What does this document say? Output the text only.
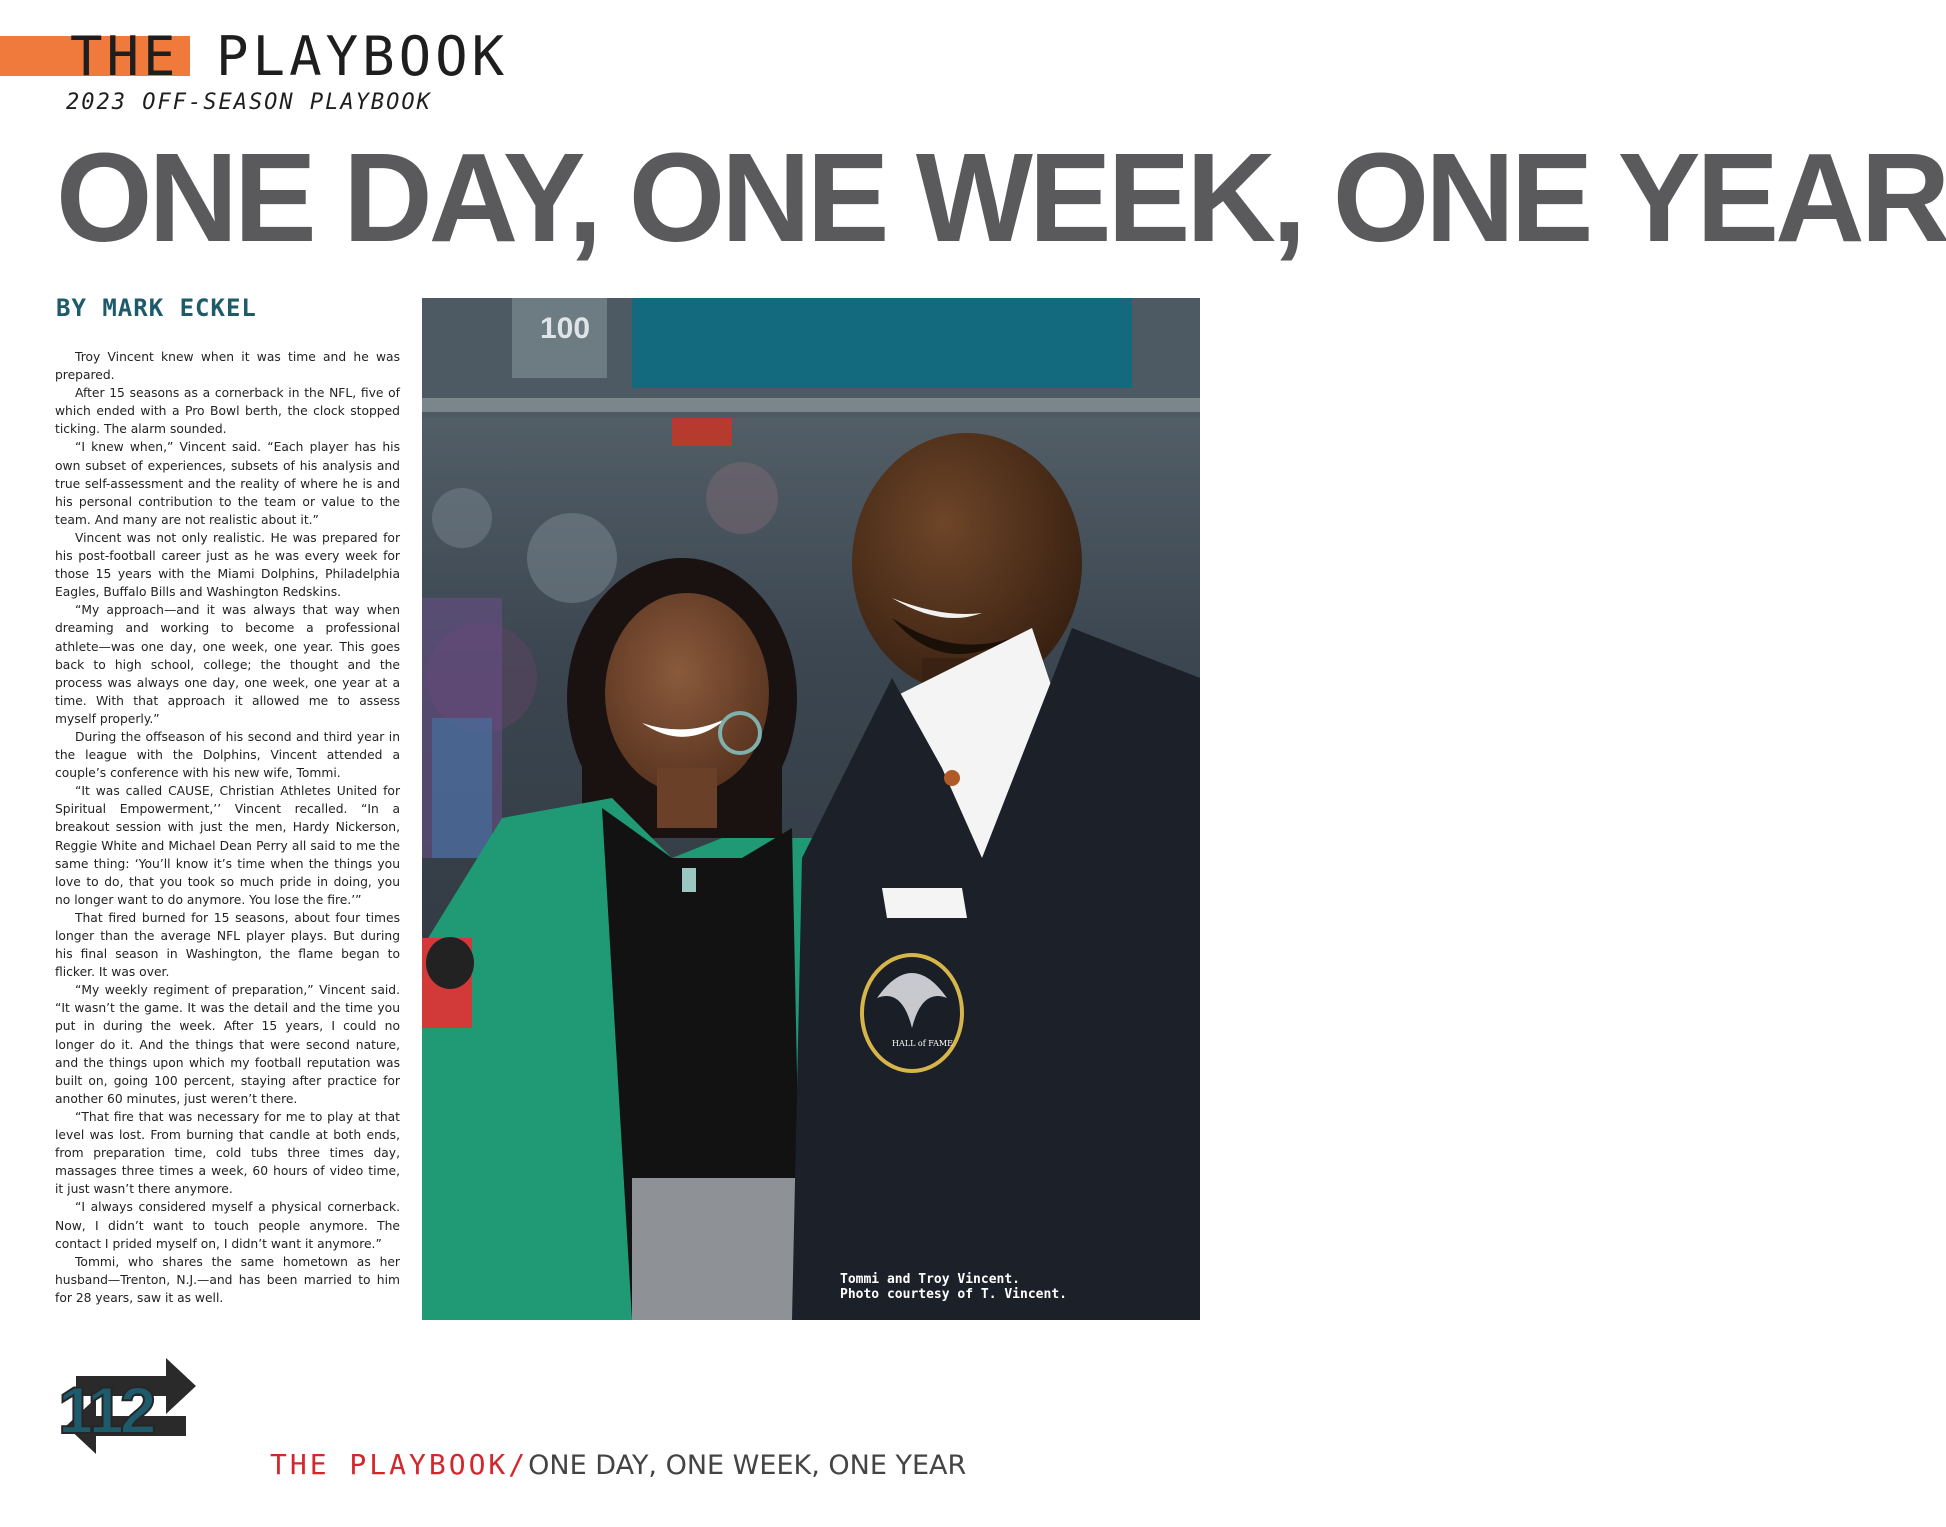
THE PLAYBOOK
2023 OFF-SEASON PLAYBOOK
ONE DAY, ONE WEEK, ONE YEAR
BY MARK ECKEL

Troy Vincent knew when it was time and he was prepared.

After 15 seasons as a cornerback in the NFL, five of which ended with a Pro Bowl berth, the clock stopped ticking. The alarm sounded.

“I knew when,” Vincent said. “Each player has his own subset of experiences, subsets of his analysis and true self-assessment and the reality of where he is and his personal contribution to the team or value to the team. And many are not realistic about it.”

Vincent was not only realistic. He was prepared for his post-football career just as he was every week for those 15 years with the Miami Dolphins, Philadelphia Eagles, Buffalo Bills and Washington Redskins.

“My approach—and it was always that way when dreaming and working to become a professional athlete—was one day, one week, one year. This goes back to high school, college; the thought and the process was always one day, one week, one year at a time. With that approach it allowed me to assess myself properly.”

During the offseason of his second and third year in the league with the Dolphins, Vincent attended a couple’s conference with his new wife, Tommi.

“It was called CAUSE, Christian Athletes United for Spiritual Empowerment,’’ Vincent recalled. “In a breakout session with just the men, Hardy Nickerson, Reggie White and Michael Dean Perry all said to me the same thing: ‘You’ll know it’s time when the things you love to do, that you took so much pride in doing, you no longer want to do anymore. You lose the fire.’”

That fired burned for 15 seasons, about four times longer than the average NFL player plays. But during his final season in Washington, the flame began to flicker. It was over.

“My weekly regiment of preparation,” Vincent said. “It wasn’t the game. It was the detail and the time you put in during the week. After 15 years, I could no longer do it. And the things that were second nature, and the things upon which my football reputation was built on, going 100 percent, staying after practice for another 60 minutes, just weren’t there.

“That fire that was necessary for me to play at that level was lost. From burning that candle at both ends, from preparation time, cold tubs three times day, massages three times a week, 60 hours of video time, it just wasn’t there anymore.

“I always considered myself a physical cornerback. Now, I didn’t want to touch people anymore. The contact I prided myself on, I didn’t want it anymore.”

Tommi, who shares the same hometown as her husband—Trenton, N.J.—and has been married to him for 28 years, saw it as well.

HALL of FAME
100
Tommi and Troy Vincent.
Photo courtesy of T. Vincent.
112
THE PLAYBOOK/ONE DAY, ONE WEEK, ONE YEAR
